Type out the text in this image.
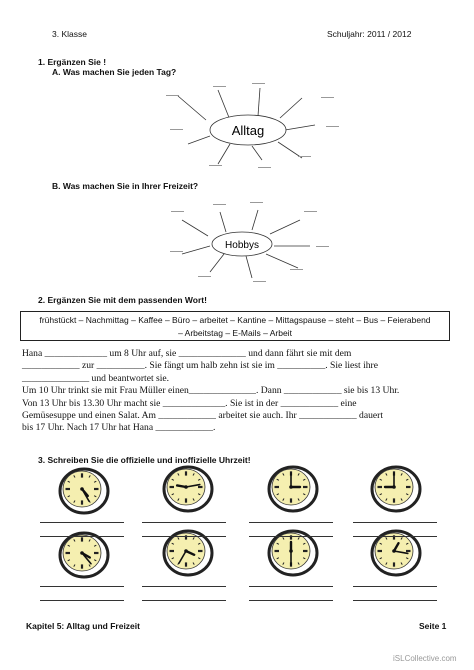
3. Klasse	Schuljahr: 2011 / 2012
1. Ergänzen Sie !
A. Was machen Sie jeden Tag?
Alltag
B. Was machen Sie in Ihrer Freizeit?
Hobbys
2. Ergänzen Sie mit dem passenden Wort!
frühstückt – Nachmittag – Kaffee – Büro – arbeitet – Kantine – Mittagspause – steht – Bus – Feierabend
– Arbeitstag – E-Mails – Arbeit
Hana _____________ um 8 Uhr auf, sie ______________ und dann fährt sie mit dem
____________ zur __________. Sie fängt um halb zehn ist sie im __________. Sie liest ihre
______________ und beantwortet sie.
Um 10 Uhr trinkt sie mit Frau Müller einen______________. Dann ____________ sie bis 13 Uhr.
Von 13 Uhr bis 13.30 Uhr macht sie _____________. Sie ist in der ____________ eine
Gemüsesuppe und einen Salat. Am ____________ arbeitet sie auch. Ihr ____________ dauert
bis 17 Uhr. Nach 17 Uhr hat Hana ____________.
3. Schreiben Sie die offizielle und inoffizielle Uhrzeit!
Kapitel 5: Alltag und Freizeit	Seite 1
iSLCollective.com
